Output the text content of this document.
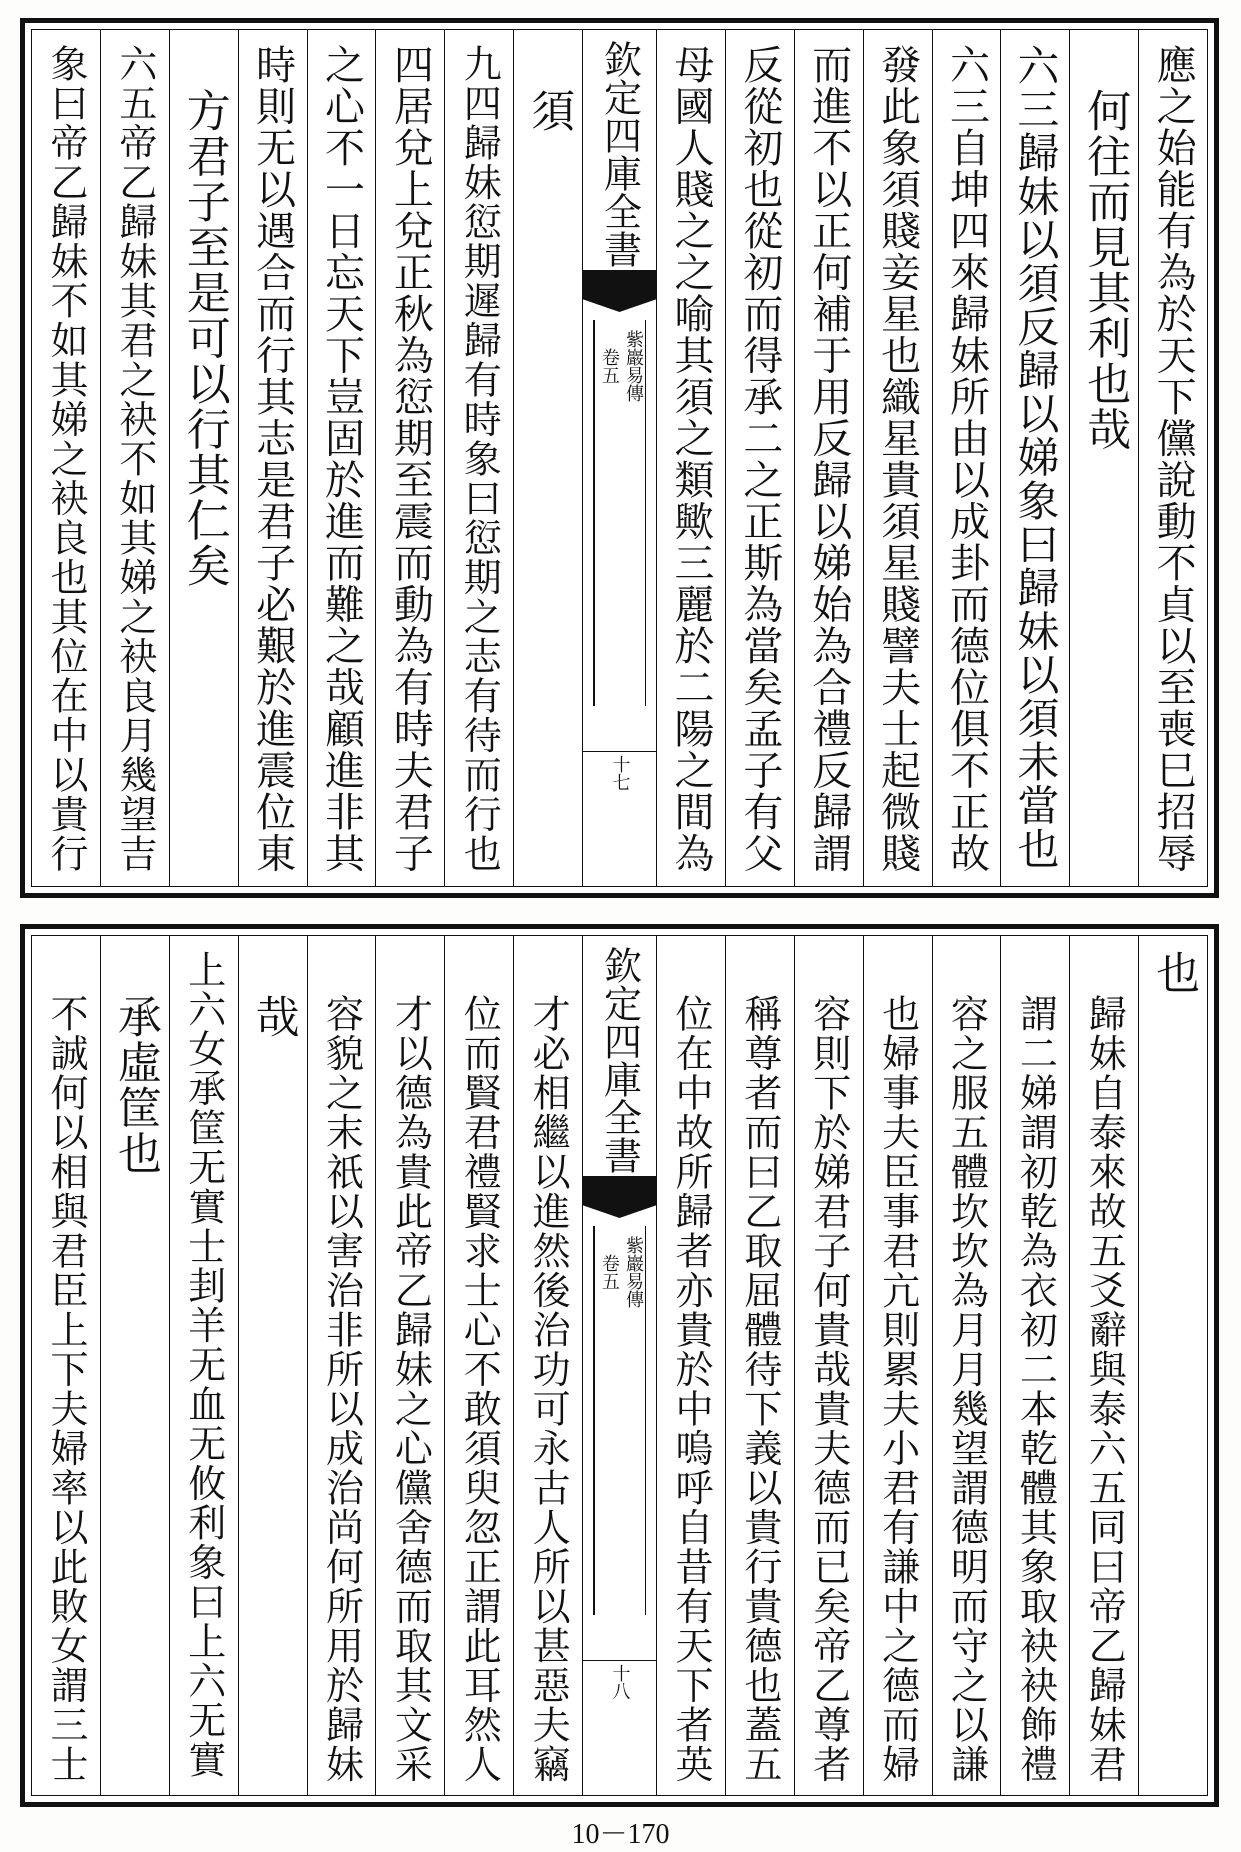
應之始能有為於天下儻說動不貞以至喪巳招辱
何往而見其利也哉
六三歸妹以須反歸以娣象曰歸妹以須未當也
六三自坤四來歸妹所由以成卦而德位俱不正故
發此象須賤妾星也織星貴須星賤譬夫士起微賤
而進不以正何補于用反歸以娣始為合禮反歸謂
反從初也從初而得承二之正斯為當矣孟子有父
母國人賤之之喻其須之類歟三麗於二陽之間為
欽定四庫全書
紫巖易傳
卷五
十七
須
九四歸妹愆期遲歸有時象曰愆期之志有待而行也
四居兌上兌正秋為愆期至震而動為有時夫君子
之心不一日忘天下豈固於進而難之哉顧進非其
時則无以遇合而行其志是君子必艱於進震位東
方君子至是可以行其仁矣
六五帝乙歸妹其君之袂不如其娣之袂良月幾望吉
象曰帝乙歸妹不如其娣之袂良也其位在中以貴行
也
歸妹自泰來故五爻辭與泰六五同曰帝乙歸妹君
謂二娣謂初乾為衣初二本乾體其象取袂袂飾禮
容之服五體坎坎為月月幾望謂德明而守之以謙
也婦事夫臣事君亢則累夫小君有謙中之德而婦
容則下於娣君子何貴哉貴夫德而已矣帝乙尊者
稱尊者而曰乙取屈體待下義以貴行貴德也蓋五
位在中故所歸者亦貴於中嗚呼自昔有天下者英
欽定四庫全書
紫巖易傳
卷五
十八
才必相繼以進然後治功可永古人所以甚惡夫竊
位而賢君禮賢求士心不敢須臾忽正謂此耳然人
才以德為貴此帝乙歸妹之心儻舍德而取其文采
容貌之末祇以害治非所以成治尚何所用於歸妹
哉
上六女承筐无實士刲羊无血无攸利象曰上六无實
承虛筐也
不誠何以相與君臣上下夫婦率以此敗女謂三士
10－170
